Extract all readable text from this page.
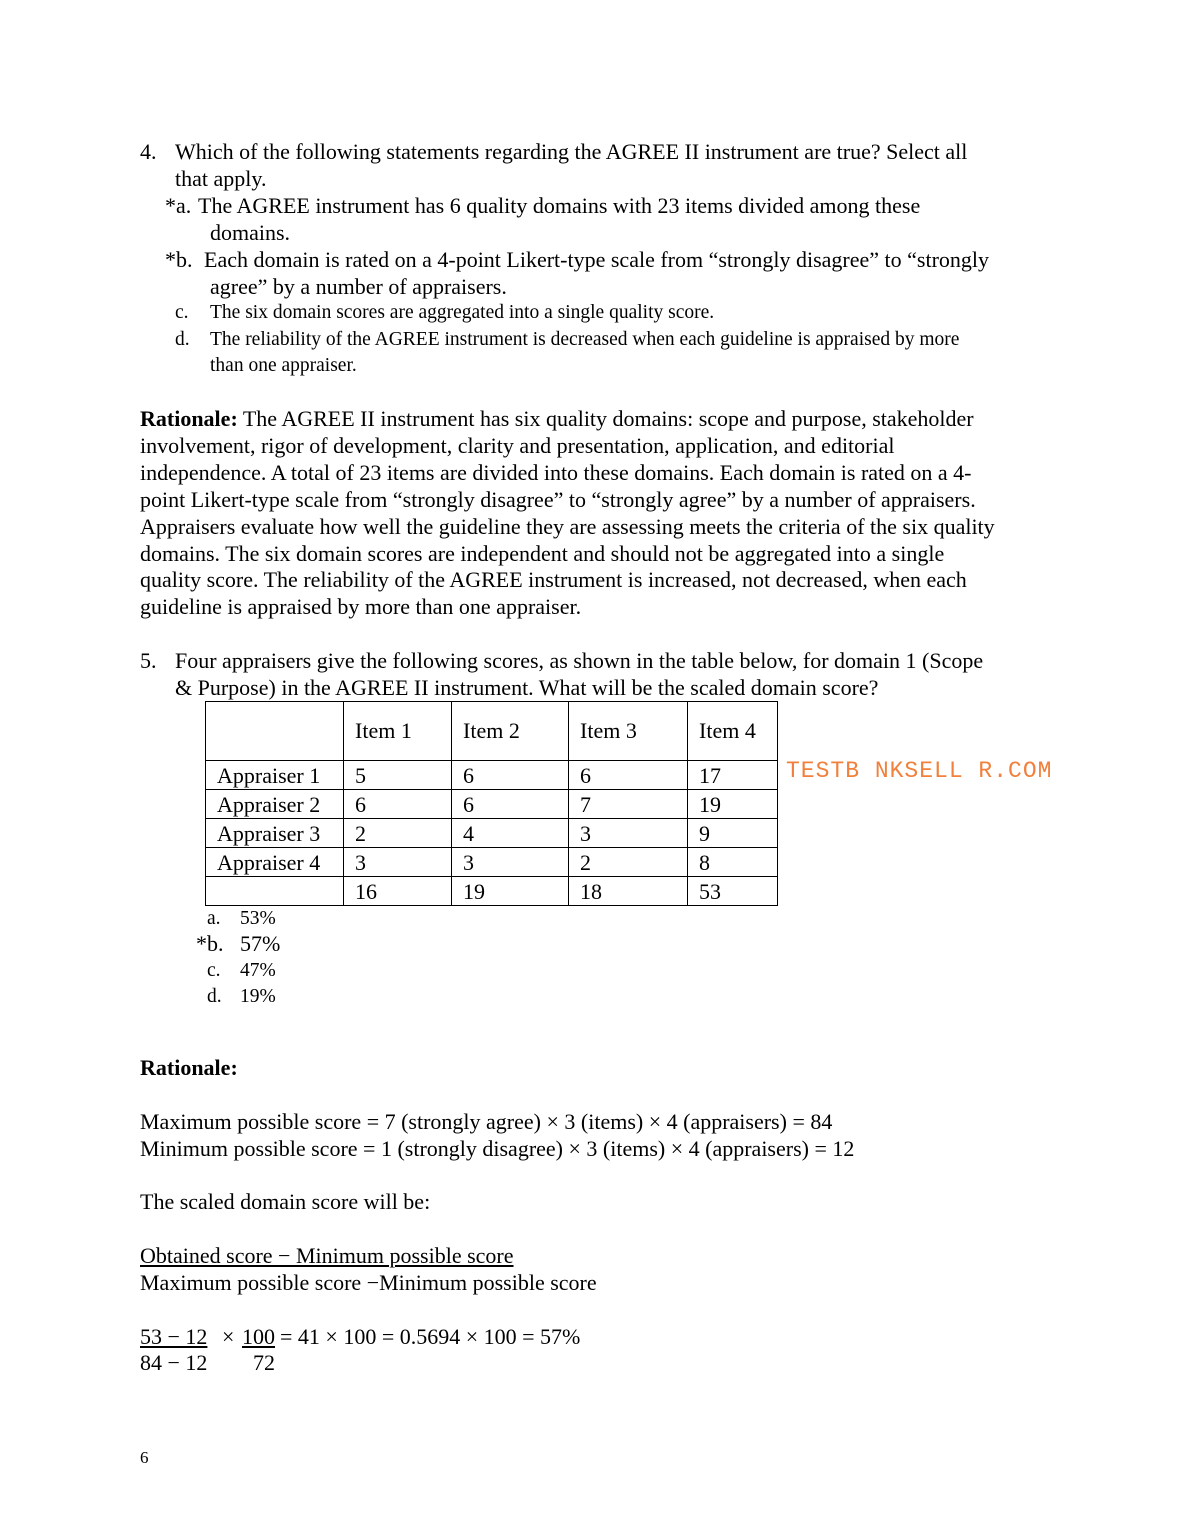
4. Which of the following statements regarding the AGREE II instrument are true? Select all
that apply.
*a. The AGREE instrument has 6 quality domains with 23 items divided among these
domains.
*b. Each domain is rated on a 4-point Likert-type scale from “strongly disagree” to “strongly
agree” by a number of appraisers.
c. The six domain scores are aggregated into a single quality score.
d. The reliability of the AGREE instrument is decreased when each guideline is appraised by more
than one appraiser.
Rationale: The AGREE II instrument has six quality domains: scope and purpose, stakeholder
involvement, rigor of development, clarity and presentation, application, and editorial
independence. A total of 23 items are divided into these domains. Each domain is rated on a 4-
point Likert-type scale from “strongly disagree” to “strongly agree” by a number of appraisers.
Appraisers evaluate how well the guideline they are assessing meets the criteria of the six quality
domains. The six domain scores are independent and should not be aggregated into a single
quality score. The reliability of the AGREE instrument is increased, not decreased, when each
guideline is appraised by more than one appraiser.
5. Four appraisers give the following scores, as shown in the table below, for domain 1 (Scope
& Purpose) in the AGREE II instrument. What will be the scaled domain score?
	Item 1	Item 2	Item 3	Item 4
Appraiser 1	5	6	6	17
Appraiser 2	6	6	7	19
Appraiser 3	2	4	3	9
Appraiser 4	3	3	2	8
	16	19	18	53
TESTB NKSELL R.COM
a. 53%
*b. 57%
c. 47%
d. 19%
Rationale:
Maximum possible score = 7 (strongly agree) × 3 (items) × 4 (appraisers) = 84
Minimum possible score = 1 (strongly disagree) × 3 (items) × 4 (appraisers) = 12
The scaled domain score will be:
Obtained score − Minimum possible score
Maximum possible score −Minimum possible score
53 − 12
84 − 12
× 100
72
= 41 × 100 = 0.5694 × 100 = 57%
6
